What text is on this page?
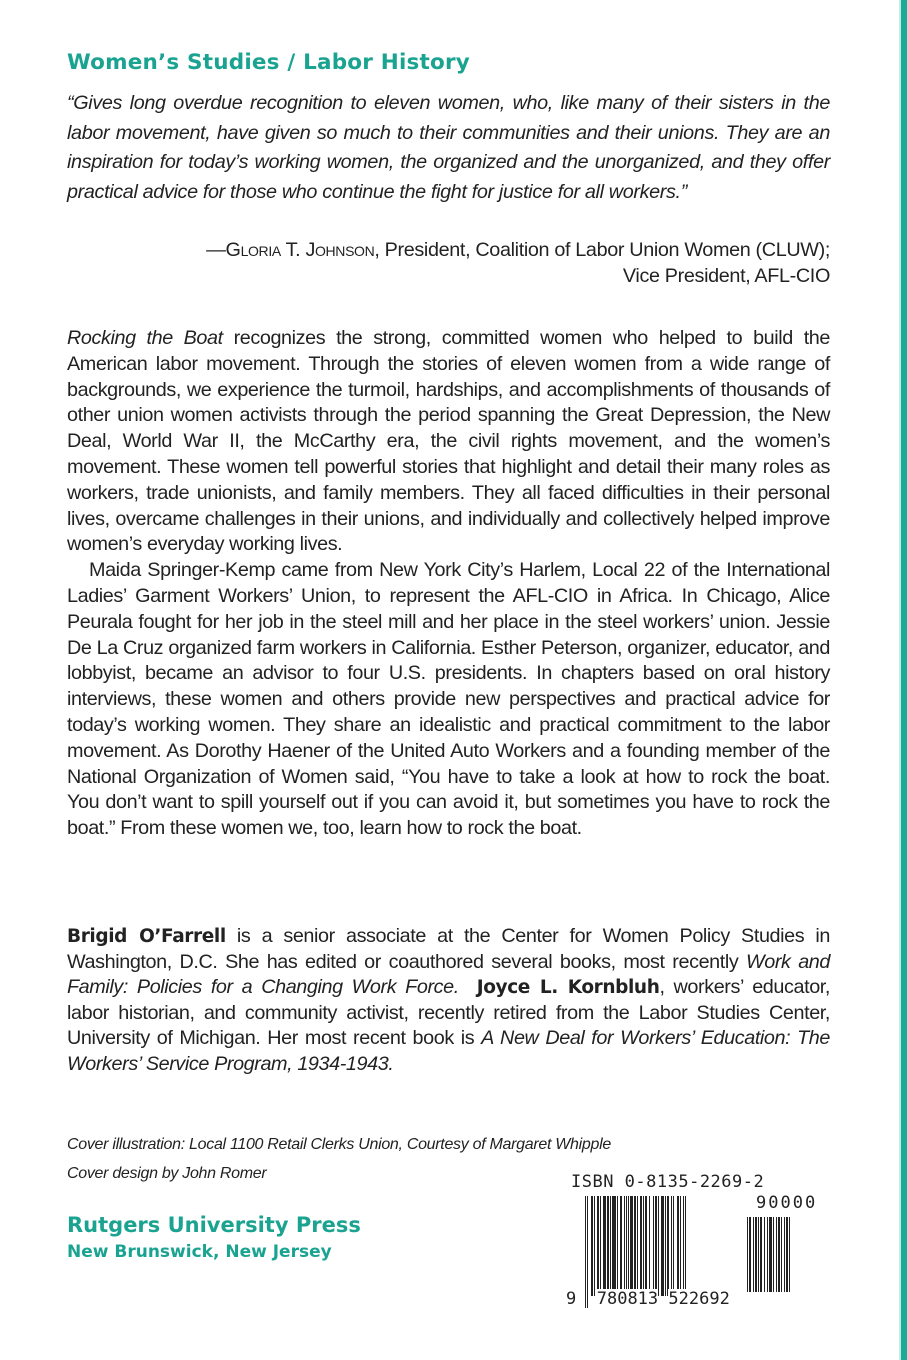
Women’s Studies / Labor History
“Gives long overdue recognition to eleven women, who, like many of their sisters in the labor movement, have given so much to their communities and their unions. They are an inspiration for today’s working women, the organized and the unorganized, and they offer practical advice for those who continue the fight for justice for all workers.”
—Gloria T. Johnson, President, Coalition of Labor Union Women (CLUW);
Vice President, AFL-CIO

Rocking the Boat recognizes the strong, committed women who helped to build the American labor movement. Through the stories of eleven women from a wide range of backgrounds, we experience the turmoil, hardships, and accomplishments of thousands of other union women activists through the period spanning the Great Depression, the New Deal, World War II, the McCarthy era, the civil rights movement, and the women’s movement. These women tell powerful stories that highlight and detail their many roles as workers, trade unionists, and family members. They all faced difficulties in their personal lives, overcame challenges in their unions, and individually and collectively helped improve women’s everyday working lives.

Maida Springer-Kemp came from New York City’s Harlem, Local 22 of the International Ladies’ Garment Workers’ Union, to represent the AFL-CIO in Africa. In Chicago, Alice Peurala fought for her job in the steel mill and her place in the steel workers’ union. Jessie De La Cruz organized farm workers in California. Esther Peterson, organizer, educator, and lobbyist, became an advisor to four U.S. presidents. In chapters based on oral history interviews, these women and others provide new perspectives and practical advice for today’s working women. They share an idealistic and practical commitment to the labor movement. As Dorothy Haener of the United Auto Workers and a founding member of the National Organization of Women said, “You have to take a look at how to rock the boat. You don’t want to spill yourself out if you can avoid it, but sometimes you have to rock the boat.” From these women we, too, learn how to rock the boat.

Brigid O’Farrell is a senior associate at the Center for Women Policy Studies in Washington, D.C. She has edited or coauthored several books, most recently Work and Family: Policies for a Changing Work Force. Joyce L. Kornbluh, workers’ educator, labor historian, and community activist, recently retired from the Labor Studies Center, University of Michigan. Her most recent book is A New Deal for Workers’ Education: The Workers’ Service Program, 1934-1943.
Cover illustration: Local 1100 Retail Clerks Union, Courtesy of Margaret Whipple
Cover design by John Romer
Rutgers University Press
New Brunswick, New Jersey
ISBN 0-8135-2269-2
90000
9 780813 522692
